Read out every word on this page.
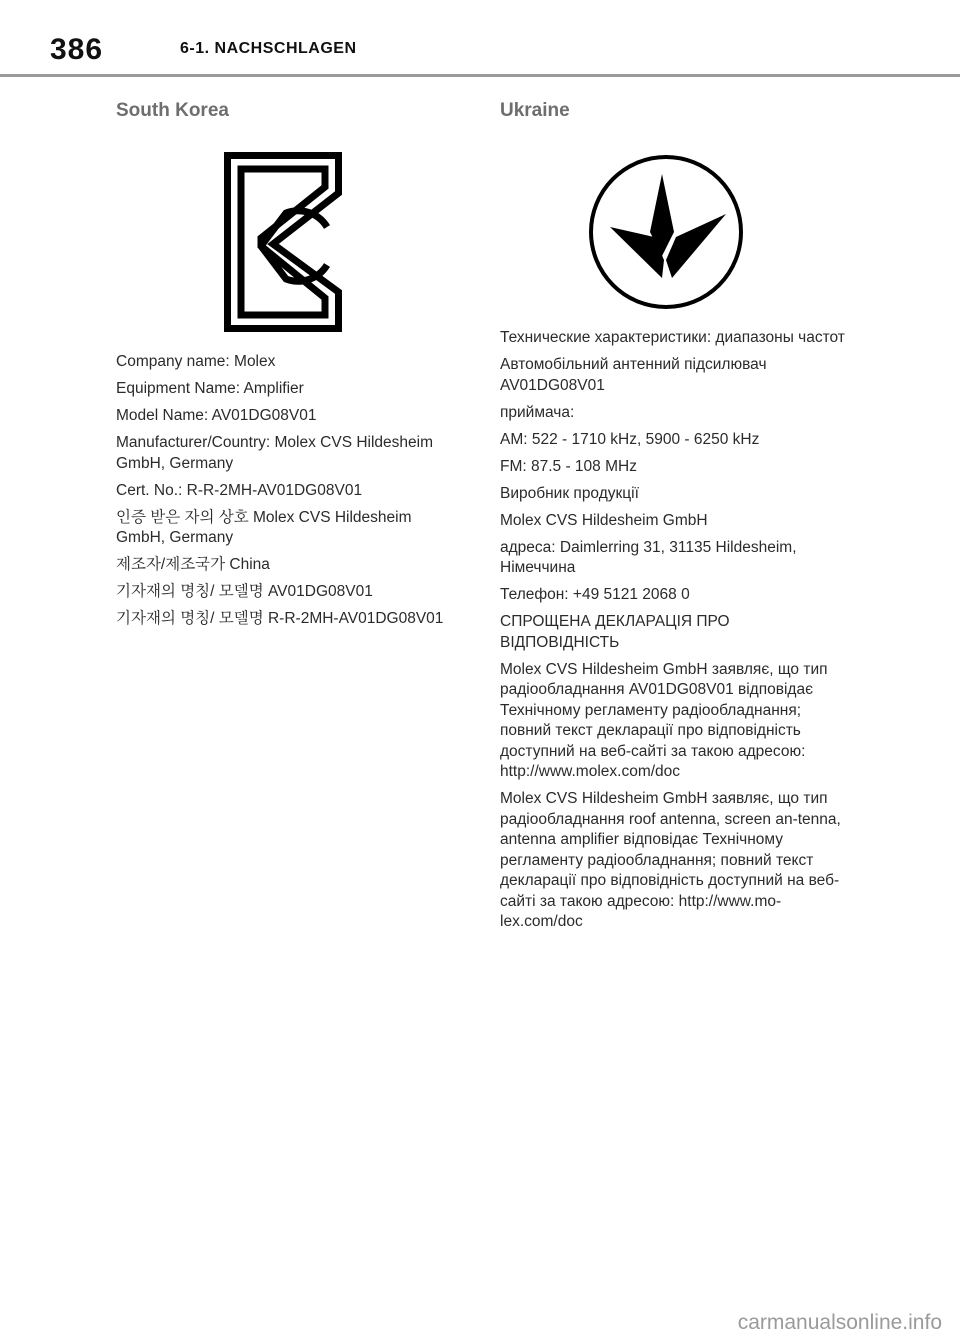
386	6-1. NACHSCHLAGEN
South Korea

Company name: Molex

Equipment Name: Amplifier

Model Name: AV01DG08V01

Manufacturer/Country: Molex CVS Hildesheim GmbH, Germany

Cert. No.: R-R-2MH-AV01DG08V01

인증 받은 자의 상호 Molex CVS Hildesheim GmbH, Germany

제조자/제조국가 China

기자재의 명칭/ 모델명 AV01DG08V01

기자재의 명칭/ 모델명 R-R-2MH-AV01DG08V01

Ukraine

Технические характеристики: диапазоны частот

Автомобільний антенний підсилювач AV01DG08V01

приймача:

AM: 522 - 1710 kHz, 5900 - 6250 kHz

FM: 87.5 - 108 MHz

Виробник продукції

Molex CVS Hildesheim GmbH

адреса: Daimlerring 31, 31135 Hildesheim, Німеччина

Телефон: +49 5121 2068 0

СПРОЩЕНА ДЕКЛАРАЦІЯ ПРО ВІДПОВІДНІСТЬ

Molex CVS Hildesheim GmbH заявляє, що тип радіообладнання AV01DG08V01 відповідає Технічному регламенту радіообладнання; повний текст декларації про відповідність доступний на веб-сайті за такою адресою: http://www.molex.com/doc

Molex CVS Hildesheim GmbH заявляє, що тип радіообладнання roof antenna, screen an-tenna, antenna amplifier відповідає Технічному регламенту радіообладнання; повний текст декларації про відповідність доступний на веб-сайті за такою адресою: http://www.mo-lex.com/doc

carmanualsonline.info
